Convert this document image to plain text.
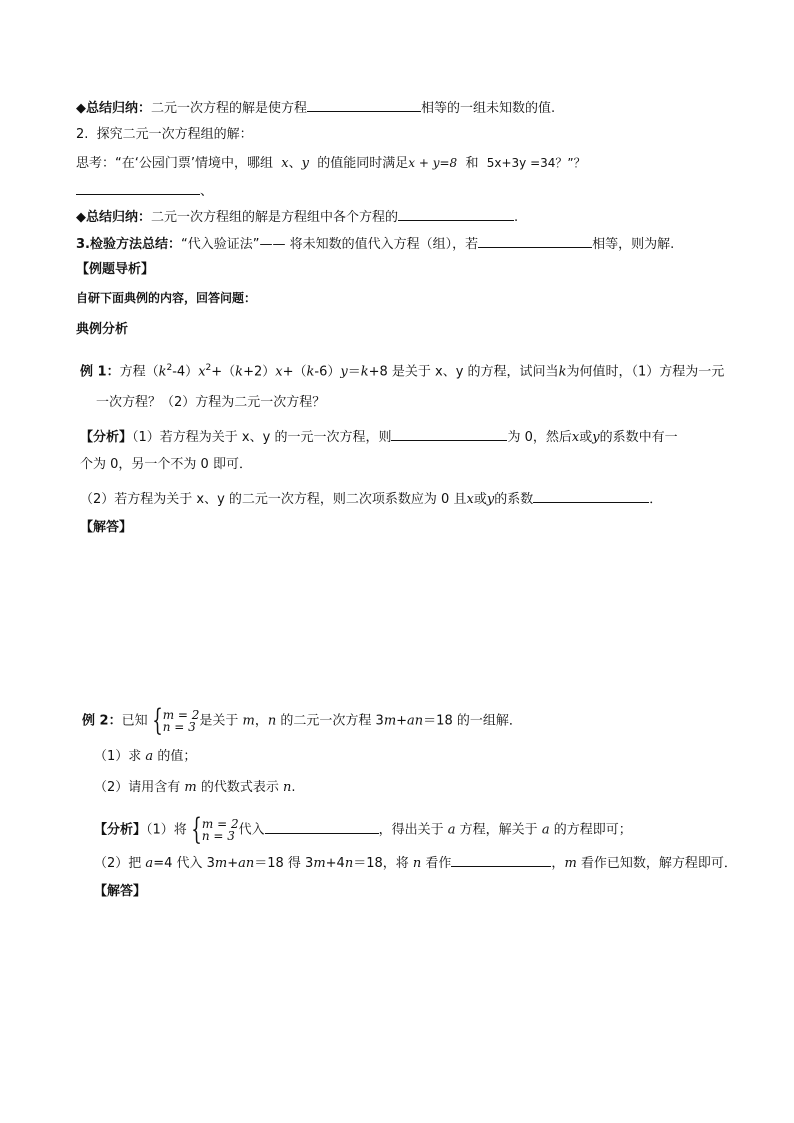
◆总结归纳：二元一次方程的解是使方程	相等的一组未知数的值.
2. 探究二元一次方程组的解：
思考：“在‘公园门票’情境中，哪组 x、y 的值能同时满足x + y=8 和 5x+3y =34？”？
、
◆总结归纳：二元一次方程组的解是方程组中各个方程的	.
3.检验方法总结：“代入验证法”—— 将未知数的值代入方程（组），若	相等，则为解.
【例题导析】
自研下面典例的内容，回答问题：
典例分析
例 1：方程$(k^2-4)x^2+(k+2)x+(k-6)y=k+8$ 是关于 x、y 的方程，试问当k为何值时，（1）方程为一元
一次方程？（2）方程为二元一次方程？
【分析】（1）若方程为关于 x、y 的一元一次方程，则	为 0，然后x或y的系数中有一
个为 0，另一个不为 0 即可．
（2）若方程为关于 x、y 的二元一次方程，则二次项系数应为 0 且x或y的系数	．
【解答】
例 2：已知 { m = 2
n = 3 是关于 m，n 的二元一次方程 3m+an＝18 的一组解．
（1）求 a 的值；
（2）请用含有 m 的代数式表示 n.
【分析】（1）将 { m = 2
n = 3 代入	，得出关于 a 方程，解关于 a 的方程即可；
（2）把 a=4 代入 3m+an＝18 得 3m+4n＝18，将 n 看作	，m 看作已知数，解方程即可．
【解答】
